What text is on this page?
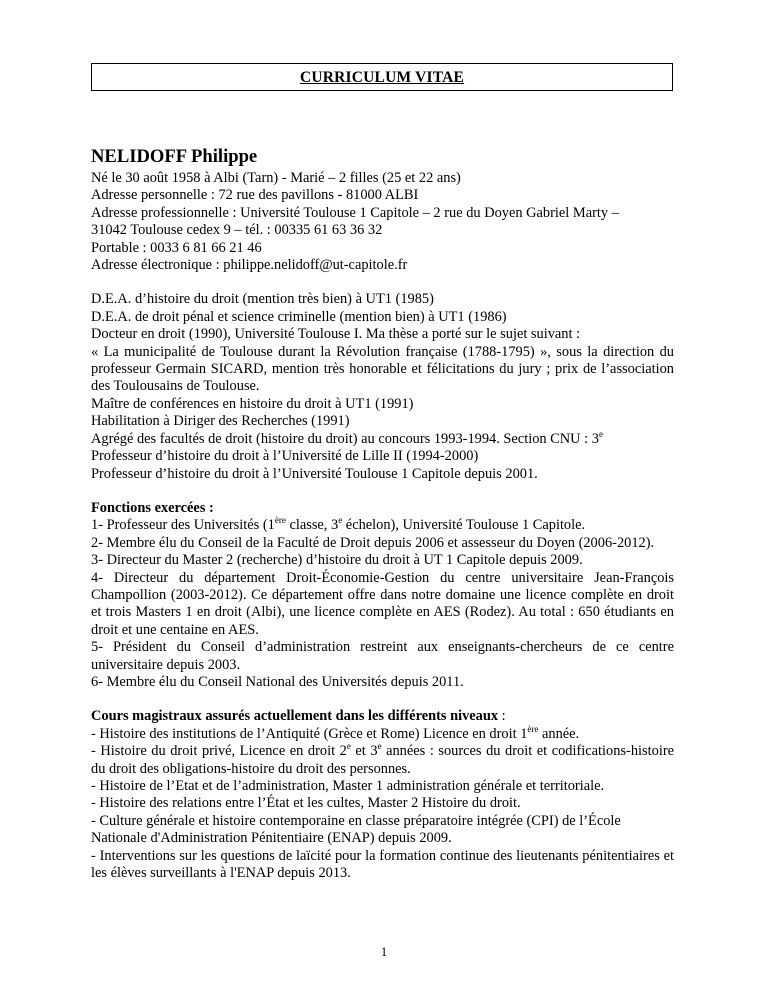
CURRICULUM VITAE
NELIDOFF Philippe
Né le 30 août 1958 à Albi (Tarn) - Marié – 2 filles (25 et 22 ans)
Adresse personnelle : 72 rue des pavillons - 81000 ALBI
Adresse professionnelle : Université Toulouse 1 Capitole – 2 rue du Doyen Gabriel Marty –
31042 Toulouse cedex 9 – tél. : 00335 61 63 36 32
Portable : 0033 6 81 66 21 46
Adresse électronique : philippe.nelidoff@ut-capitole.fr
D.E.A. d’histoire du droit (mention très bien) à UT1 (1985)
D.E.A. de droit pénal et science criminelle (mention bien) à UT1 (1986)
Docteur en droit (1990), Université Toulouse I. Ma thèse a porté sur le sujet suivant :
« La municipalité de Toulouse durant la Révolution française (1788-1795) », sous la direction du professeur Germain SICARD, mention très honorable et félicitations du jury ; prix de l’association des Toulousains de Toulouse.
Maître de conférences en histoire du droit à UT1 (1991)
Habilitation à Diriger des Recherches (1991)
Agrégé des facultés de droit (histoire du droit) au concours 1993-1994. Section CNU : 3e
Professeur d’histoire du droit à l’Université de Lille II (1994-2000)
Professeur d’histoire du droit à l’Université Toulouse 1 Capitole depuis 2001.
Fonctions exercées :
1- Professeur des Universités (1ère classe, 3e échelon), Université Toulouse 1 Capitole.
2- Membre élu du Conseil de la Faculté de Droit depuis 2006 et assesseur du Doyen (2006-2012).
3- Directeur du Master 2 (recherche) d’histoire du droit à UT 1 Capitole depuis 2009.
4- Directeur du département Droit-Économie-Gestion du centre universitaire Jean-François Champollion (2003-2012). Ce département offre dans notre domaine une licence complète en droit et trois Masters 1 en droit (Albi), une licence complète en AES (Rodez). Au total : 650 étudiants en droit et une centaine en AES.
5- Président du Conseil d’administration restreint aux enseignants-chercheurs de ce centre universitaire depuis 2003.
6- Membre élu du Conseil National des Universités depuis 2011.
Cours magistraux assurés actuellement dans les différents niveaux :
- Histoire des institutions de l’Antiquité (Grèce et Rome) Licence en droit 1ère année.
- Histoire du droit privé, Licence en droit 2e et 3e années : sources du droit et codifications-histoire du droit des obligations-histoire du droit des personnes.
- Histoire de l’Etat et de l’administration, Master 1 administration générale et territoriale.
- Histoire des relations entre l’État et les cultes, Master 2 Histoire du droit.
- Culture générale et histoire contemporaine en classe préparatoire intégrée (CPI) de l’École
Nationale d'Administration Pénitentiaire (ENAP) depuis 2009.
- Interventions sur les questions de laïcité pour la formation continue des lieutenants pénitentiaires et les élèves surveillants à l'ENAP depuis 2013.
1
